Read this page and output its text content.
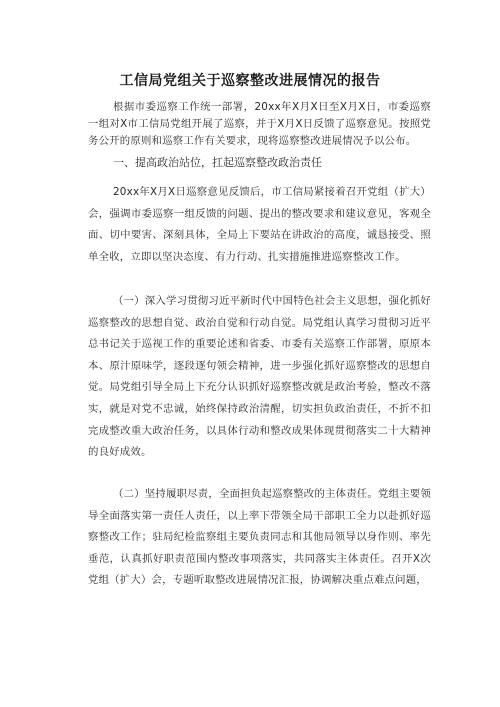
工信局党组关于巡察整改进展情况的报告

根据市委巡察工作统一部署，20xx年X月X日至X月X日，市委巡察一组对X市工信局党组开展了巡察，并于X月X日反馈了巡察意见。按照党务公开的原则和巡察工作有关要求，现将巡察整改进展情况予以公布。

一、提高政治站位，扛起巡察整改政治责任

20xx年X月X日巡察意见反馈后，市工信局紧接着召开党组（扩大）会，强调市委巡察一组反馈的问题、提出的整改要求和建议意见，客观全面、切中要害、深刻具体，全局上下要站在讲政治的高度，诚恳接受、照单全收，立即以坚决态度、有力行动、扎实措施推进巡察整改工作。

（一）深入学习贯彻习近平新时代中国特色社会主义思想，强化抓好巡察整改的思想自觉、政治自觉和行动自觉。局党组认真学习贯彻习近平总书记关于巡视工作的重要论述和省委、市委有关巡察工作部署，原原本本、原汁原味学，逐段逐句领会精神，进一步强化抓好巡察整改的思想自觉。局党组引导全局上下充分认识抓好巡察整改就是政治考验，整改不落实，就是对党不忠诚，始终保持政治清醒，切实担负政治责任，不折不扣完成整改重大政治任务，以具体行动和整改成果体现贯彻落实二十大精神的良好成效。

（二）坚持履职尽责，全面担负起巡察整改的主体责任。党组主要领导全面落实第一责任人责任，以上率下带领全局干部职工全力以赴抓好巡察整改工作；驻局纪检监察组主要负责同志和其他局领导以身作则、率先垂范，认真抓好职责范围内整改事项落实，共同落实主体责任。召开X次党组（扩大）会，专题听取整改进展情况汇报，协调解决重点难点问题，
